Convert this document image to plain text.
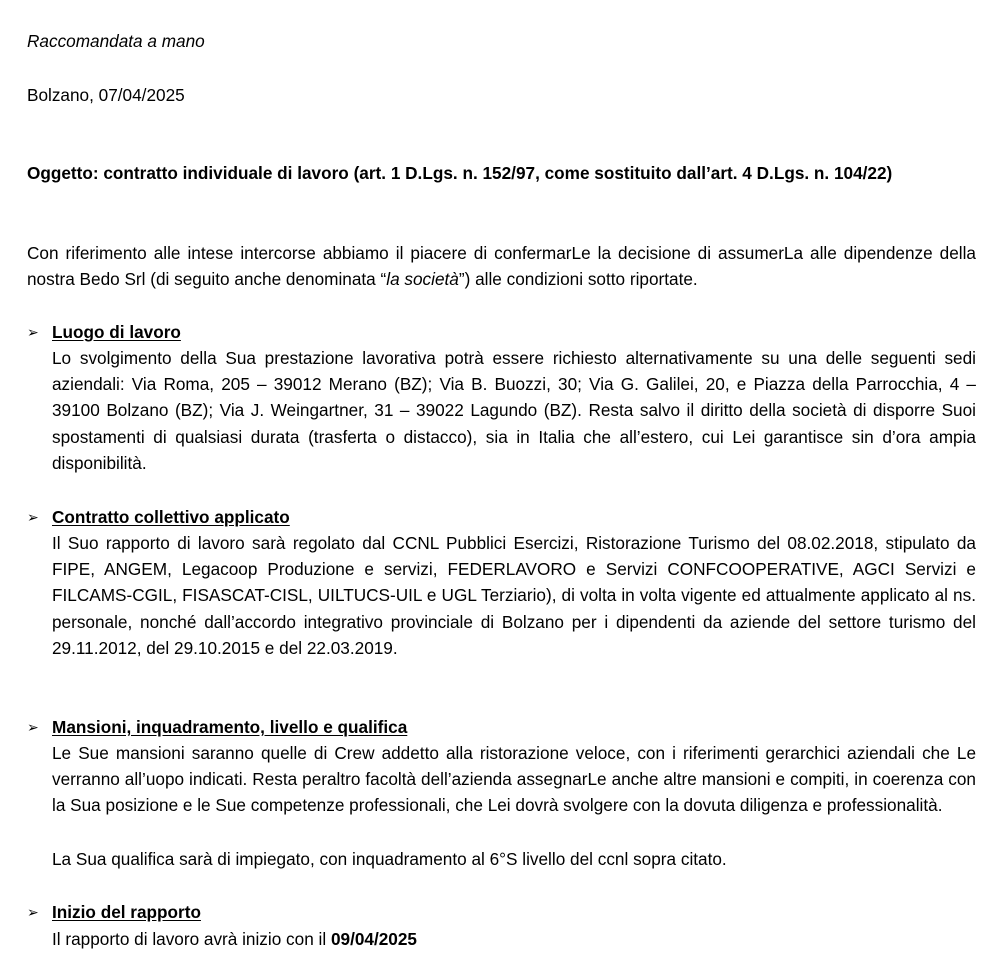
Raccomandata a mano
Bolzano, 07/04/2025
Oggetto: contratto individuale di lavoro (art. 1 D.Lgs. n. 152/97, come sostituito dall’art. 4 D.Lgs. n. 104/22)
Con riferimento alle intese intercorse abbiamo il piacere di confermarLe la decisione di assumerLa alle dipendenze della nostra Bedo Srl (di seguito anche denominata “la società”) alle condizioni sotto riportate.
➢ Luogo di lavoro
Lo svolgimento della Sua prestazione lavorativa potrà essere richiesto alternativamente su una delle seguenti sedi aziendali: Via Roma, 205 – 39012 Merano (BZ); Via B. Buozzi, 30; Via G. Galilei, 20, e Piazza della Parrocchia, 4 – 39100 Bolzano (BZ); Via J. Weingartner, 31 – 39022 Lagundo (BZ). Resta salvo il diritto della società di disporre Suoi spostamenti di qualsiasi durata (trasferta o distacco), sia in Italia che all’estero, cui Lei garantisce sin d’ora ampia disponibilità.
➢ Contratto collettivo applicato
Il Suo rapporto di lavoro sarà regolato dal CCNL Pubblici Esercizi, Ristorazione Turismo del 08.02.2018, stipulato da FIPE, ANGEM, Legacoop Produzione e servizi, FEDERLAVORO e Servizi CONFCOOPERATIVE, AGCI Servizi e FILCAMS-CGIL, FISASCAT-CISL, UILTUCS-UIL e UGL Terziario), di volta in volta vigente ed attualmente applicato al ns. personale, nonché dall’accordo integrativo provinciale di Bolzano per i dipendenti da aziende del settore turismo del 29.11.2012, del 29.10.2015 e del 22.03.2019.
➢ Mansioni, inquadramento, livello e qualifica
Le Sue mansioni saranno quelle di Crew addetto alla ristorazione veloce, con i riferimenti gerarchici aziendali che Le verranno all’uopo indicati. Resta peraltro facoltà dell’azienda assegnarLe anche altre mansioni e compiti, in coerenza con la Sua posizione e le Sue competenze professionali, che Lei dovrà svolgere con la dovuta diligenza e professionalità.
La Sua qualifica sarà di impiegato, con inquadramento al 6°S livello del ccnl sopra citato.
➢ Inizio del rapporto
Il rapporto di lavoro avrà inizio con il 09/04/2025
